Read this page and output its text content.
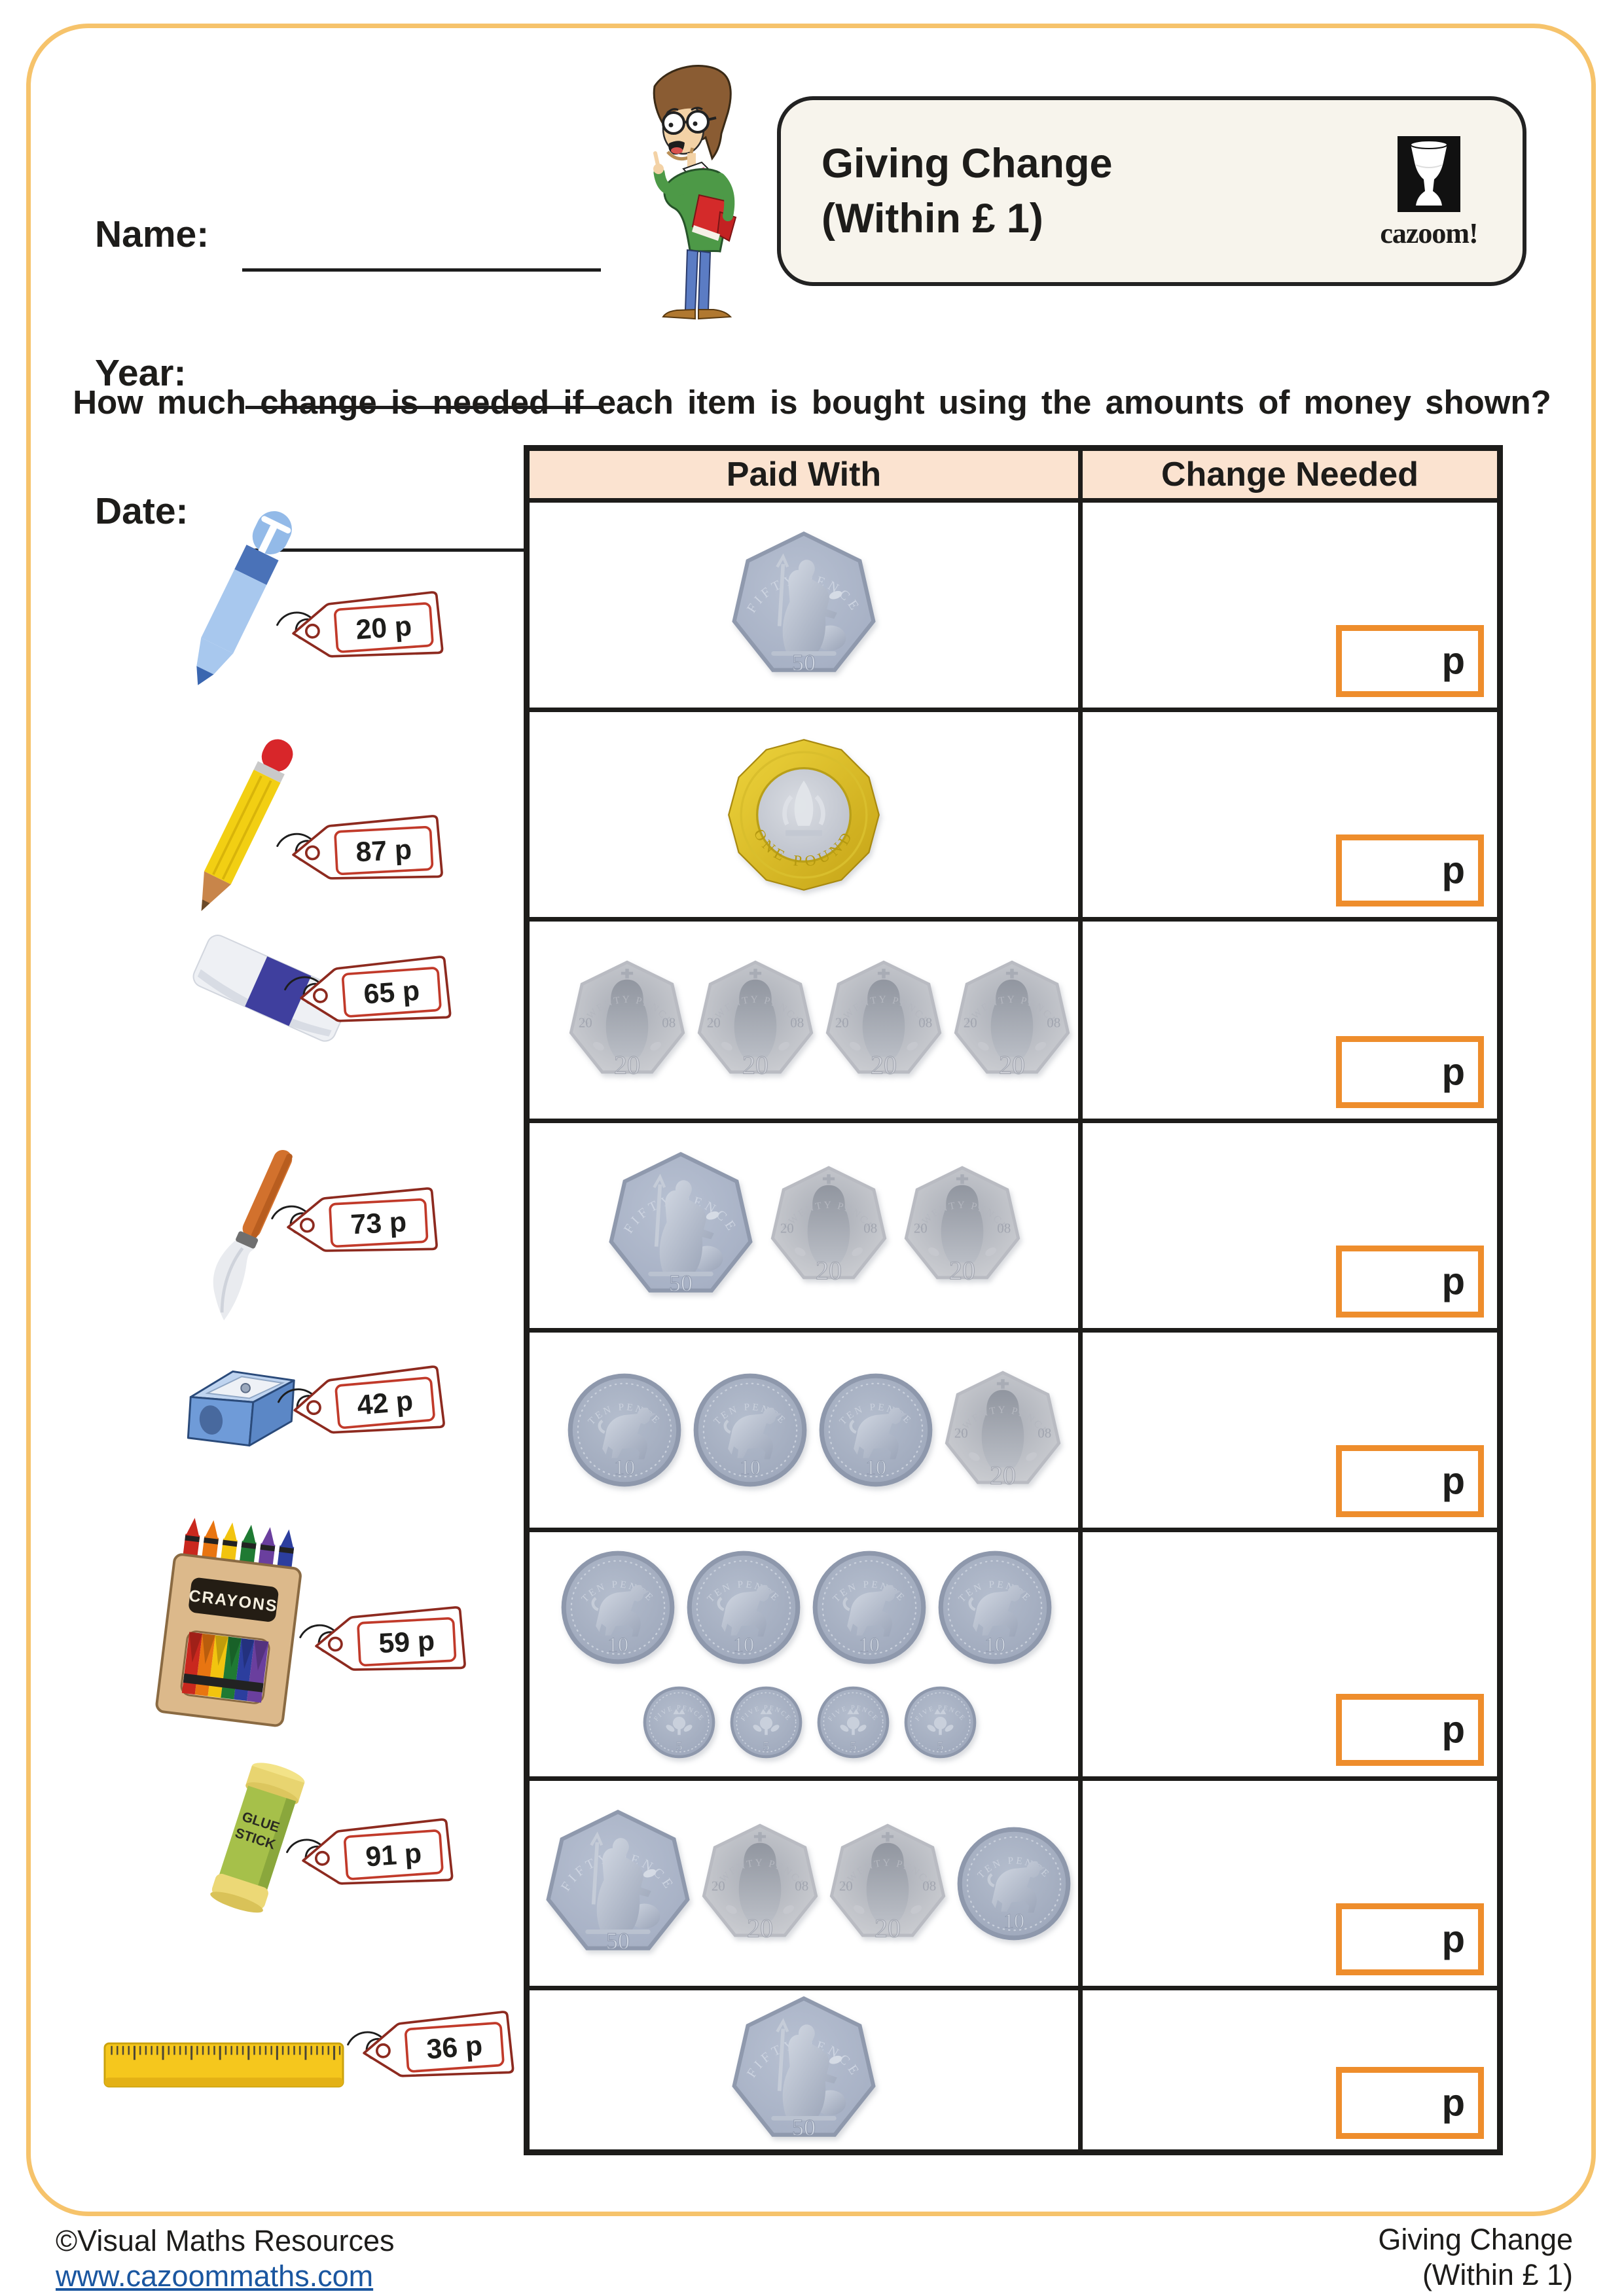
Name:
Year:
Date:
Giving Change
(Within £ 1)	cazoom!
How much change is needed if each item is bought using the amounts of money shown?
Paid With	Change Needed
p
p
p
p
p
p
p
p
20 p
87 p
65 p
73 p
42 p
59 p
91 p
36 p
©Visual Maths Resources
www.cazoommaths.com
Giving Change
(Within £ 1)
